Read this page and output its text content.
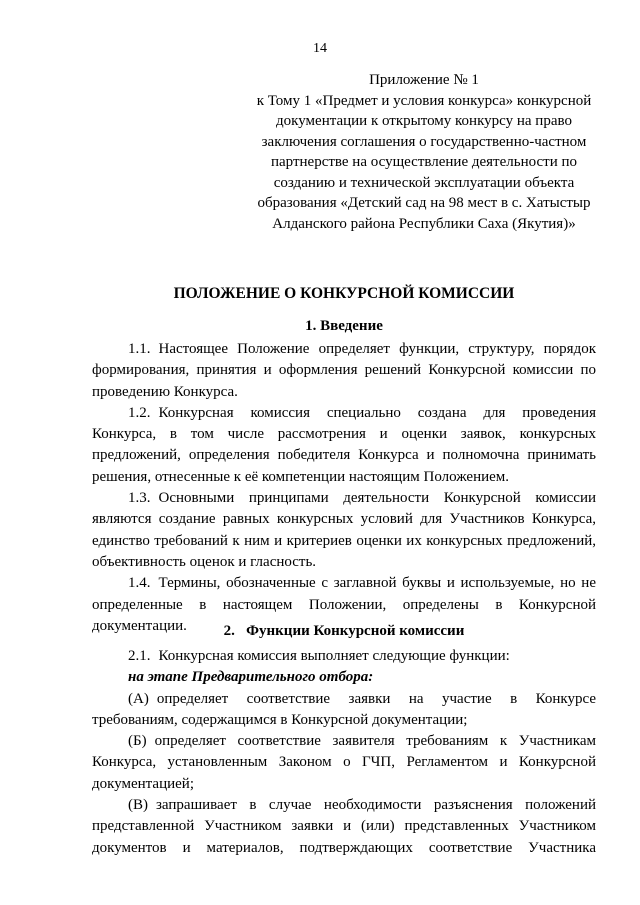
14
Приложение № 1
к Тому 1 «Предмет и условия конкурса» конкурсной
документации к открытому конкурсу на право
заключения соглашения о государственно-частном
партнерстве на осуществление деятельности по
созданию и технической эксплуатации объекта
образования «Детский сад на 98 мест в с. Хатыстыр
Алданского района Республики Саха (Якутия)»
ПОЛОЖЕНИЕ О КОНКУРСНОЙ КОМИССИИ
1. Введение

1.1. Настоящее Положение определяет функции, структуру, порядок формирования, принятия и оформления решений Конкурсной комиссии по проведению Конкурса.

1.2. Конкурсная комиссия специально создана для проведения Конкурса, в том числе рассмотрения и оценки заявок, конкурсных предложений, определения победителя Конкурса и полномочна принимать решения, отнесенные к её компетенции настоящим Положением.

1.3. Основными принципами деятельности Конкурсной комиссии являются создание равных конкурсных условий для Участников Конкурса, единство требований к ним и критериев оценки их конкурсных предложений, объективность оценок и гласность.

1.4. Термины, обозначенные с заглавной буквы и используемые, но не определенные в настоящем Положении, определены в Конкурсной документации.	2.   Функции Конкурсной комиссии

2.1. Конкурсная комиссия выполняет следующие функции:

на этапе Предварительного отбора:

(А) определяет соответствие заявки на участие в Конкурсе требованиям, содержащимся в Конкурсной документации;

(Б) определяет соответствие заявителя требованиям к Участникам Конкурса, установленным Законом о ГЧП, Регламентом и Конкурсной документацией;

(В) запрашивает в случае необходимости разъяснения положений представленной Участником заявки и (или) представленных Участником документов и материалов, подтверждающих соответствие Участника
